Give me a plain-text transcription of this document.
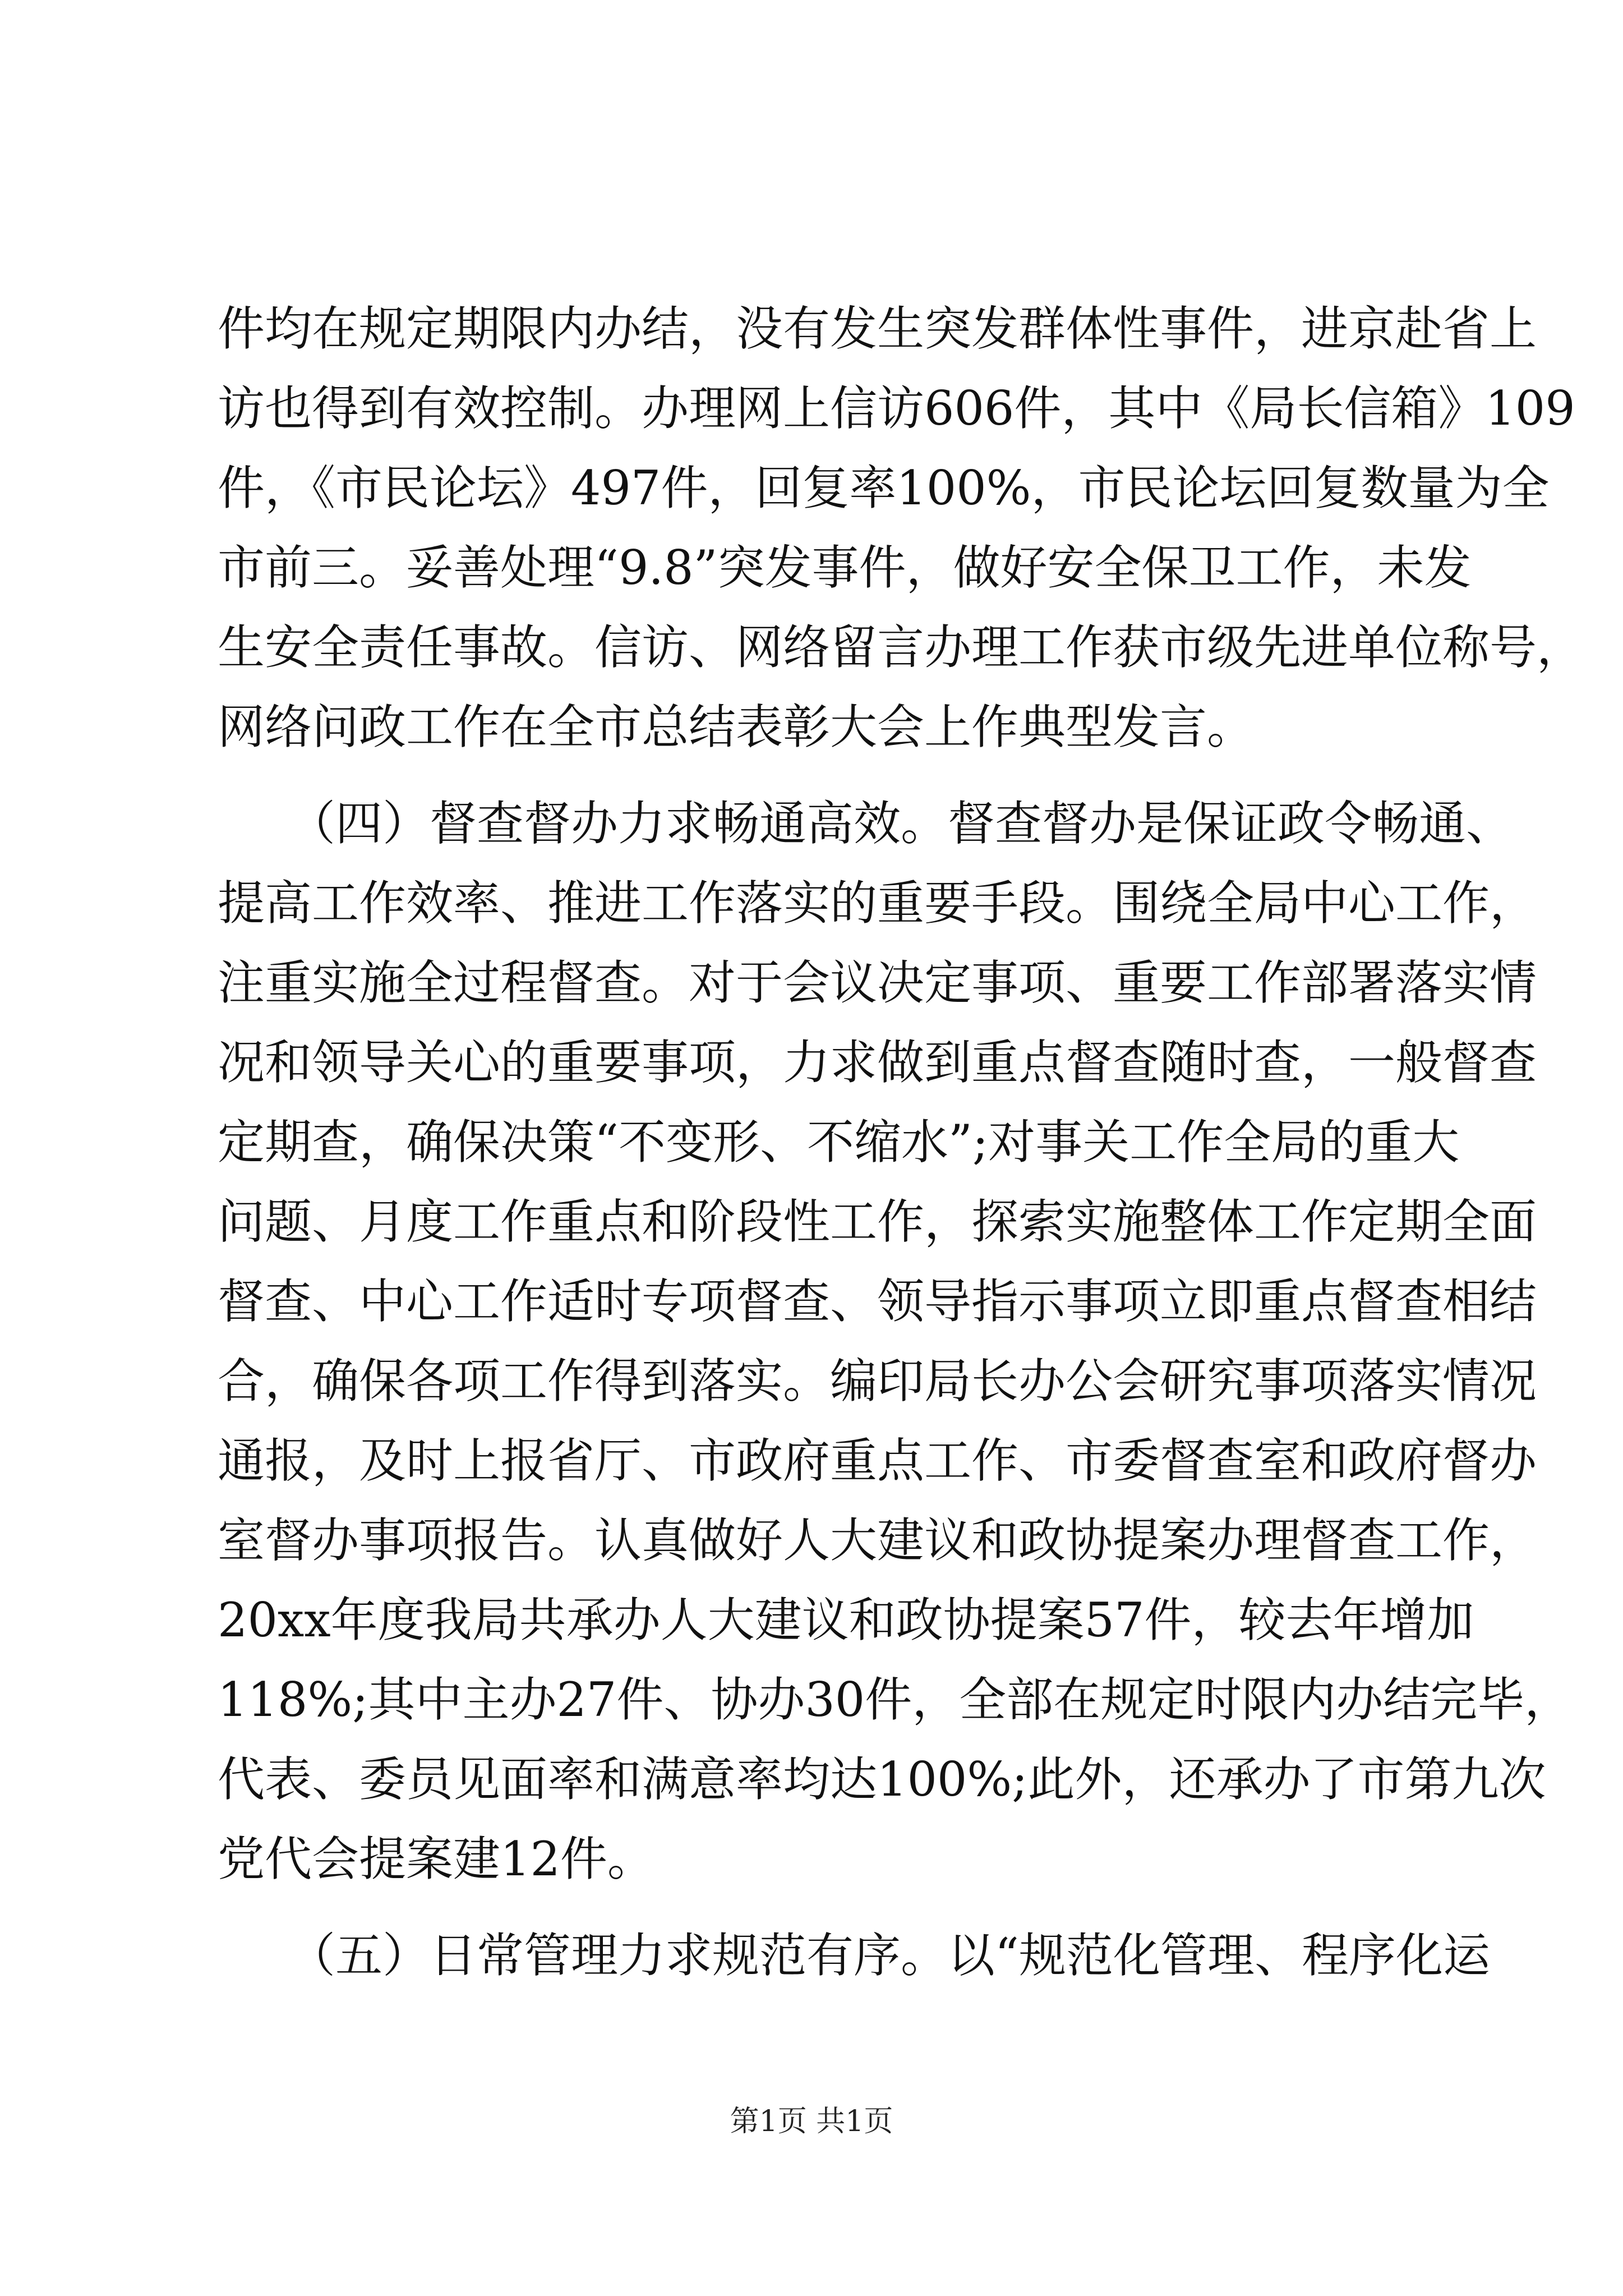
件均在规定期限内办结，没有发生突发群体性事件，进京赴省上
访也得到有效控制。办理网上信访606件，其中《局长信箱》109
件，《市民论坛》497件，回复率100%，市民论坛回复数量为全
市前三。妥善处理“9.8”突发事件，做好安全保卫工作，未发
生安全责任事故。信访、网络留言办理工作获市级先进单位称号，
网络问政工作在全市总结表彰大会上作典型发言。
　　（四）督查督办力求畅通高效。督查督办是保证政令畅通、
提高工作效率、推进工作落实的重要手段。围绕全局中心工作，
注重实施全过程督查。对于会议决定事项、重要工作部署落实情
况和领导关心的重要事项，力求做到重点督查随时查，一般督查
定期查，确保决策“不变形、不缩水”;对事关工作全局的重大
问题、月度工作重点和阶段性工作，探索实施整体工作定期全面
督查、中心工作适时专项督查、领导指示事项立即重点督查相结
合，确保各项工作得到落实。编印局长办公会研究事项落实情况
通报，及时上报省厅、市政府重点工作、市委督查室和政府督办
室督办事项报告。认真做好人大建议和政协提案办理督查工作，
20xx年度我局共承办人大建议和政协提案57件，较去年增加
118%;其中主办27件、协办30件，全部在规定时限内办结完毕，
代表、委员见面率和满意率均达100%;此外，还承办了市第九次
党代会提案建12件。
　　（五）日常管理力求规范有序。以“规范化管理、程序化运
第1页 共1页
